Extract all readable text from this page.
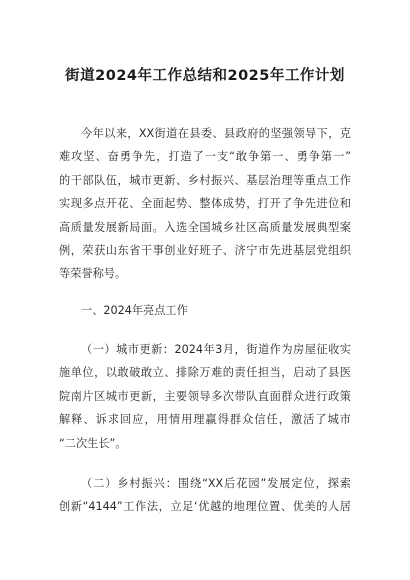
街道2024年工作总结和2025年工作计划
今年以来，XX街道在县委、县政府的坚强领导下，克
难攻坚、奋勇争先，打造了一支“敢争第一、勇争第一”
的干部队伍，城市更新、乡村振兴、基层治理等重点工作
实现多点开花、全面起势、整体成势，打开了争先进位和
高质量发展新局面。入选全国城乡社区高质量发展典型案
例，荣获山东省干事创业好班子、济宁市先进基层党组织
等荣誉称号。
一、2024年亮点工作
（一）城市更新：2024年3月，街道作为房屋征收实
施单位，以敢破敢立、排除万难的责任担当，启动了县医
院南片区城市更新，主要领导多次带队直面群众进行政策
解释、诉求回应，用情用理赢得群众信任，激活了城市
“二次生长”。
（二）乡村振兴：围绕“XX后花园”发展定位，探索
创新“4144”工作法，立足‘优越的地理位置、优美的人居
